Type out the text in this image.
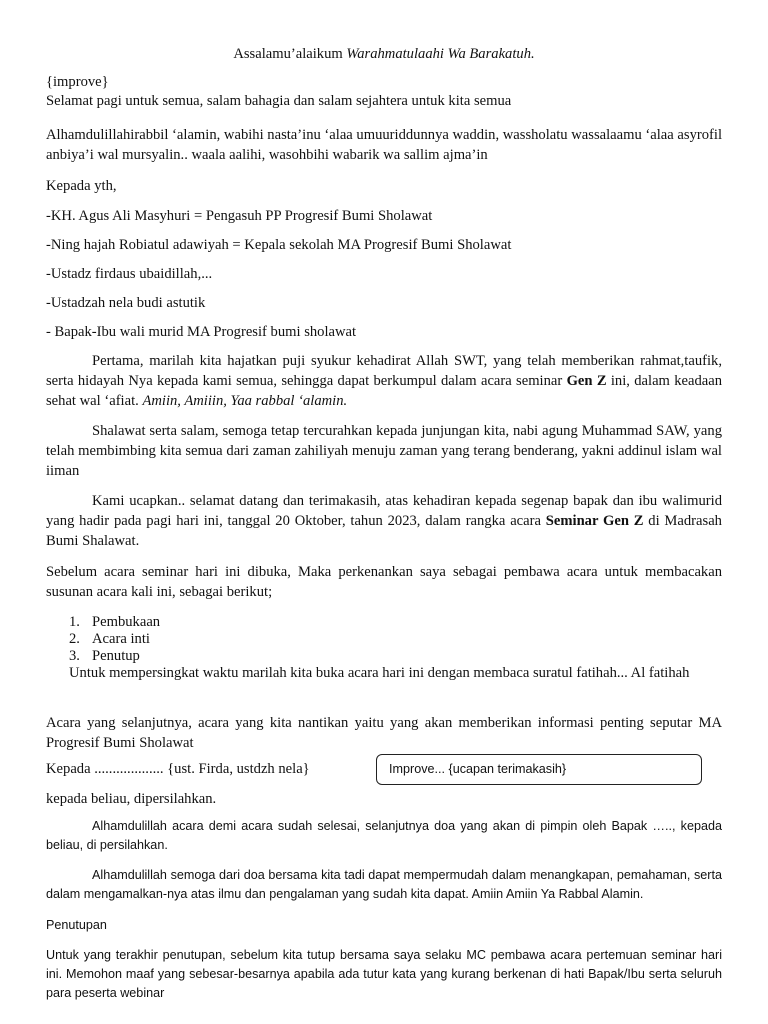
Assalamu’alaikum Warahmatulaahi Wa Barakatuh.

{improve}

Selamat pagi untuk semua, salam bahagia dan salam sejahtera untuk kita semua

Alhamdulillahirabbil ‘alamin, wabihi nasta’inu ‘alaa umuuriddunnya waddin, wassholatu wassalaamu ‘alaa asyrofil anbiya’i wal mursyalin.. waala aalihi, wasohbihi wabarik wa sallim ajma’in

Kepada yth,

-KH. Agus Ali Masyhuri = Pengasuh PP Progresif Bumi Sholawat

-Ning hajah Robiatul adawiyah = Kepala sekolah MA Progresif Bumi Sholawat

-Ustadz firdaus ubaidillah,...

-Ustadzah nela budi astutik

- Bapak-Ibu wali murid MA Progresif bumi sholawat

Pertama, marilah kita hajatkan puji syukur kehadirat Allah SWT, yang telah memberikan rahmat,taufik, serta hidayah Nya kepada kami semua, sehingga dapat berkumpul dalam acara seminar Gen Z ini, dalam keadaan sehat wal ‘afiat. Amiin, Amiiin, Yaa rabbal ‘alamin.

Shalawat serta salam, semoga tetap tercurahkan kepada junjungan kita, nabi agung Muhammad SAW, yang telah membimbing kita semua dari zaman zahiliyah menuju zaman yang terang benderang, yakni addinul islam wal iiman

Kami ucapkan.. selamat datang dan terimakasih, atas kehadiran kepada segenap bapak dan ibu walimurid yang hadir pada pagi hari ini, tanggal 20 Oktober, tahun 2023, dalam rangka acara Seminar Gen Z di Madrasah Bumi Shalawat.

Sebelum acara seminar hari ini dibuka, Maka perkenankan saya sebagai pembawa acara untuk membacakan susunan acara kali ini, sebagai berikut;

1. Pembukaan
2. Acara inti
3. Penutup

Untuk mempersingkat waktu marilah kita buka acara hari ini dengan membaca suratul fatihah... Al fatihah

Acara yang selanjutnya, acara yang kita nantikan yaitu yang akan memberikan informasi penting seputar MA Progresif Bumi Sholawat

Kepada ................... {ust. Firda, ustdzh nela}	Improve... {ucapan terimakasih}

kepada beliau, dipersilahkan.

Alhamdulillah acara demi acara sudah selesai, selanjutnya doa yang akan di pimpin oleh Bapak ….., kepada beliau, di persilahkan.

Alhamdulillah semoga dari doa bersama kita tadi dapat mempermudah dalam menangkapan, pemahaman, serta dalam mengamalkan-nya atas ilmu dan pengalaman yang sudah kita dapat. Amiin Amiin Ya Rabbal Alamin.

Penutupan

Untuk yang terakhir penutupan, sebelum kita tutup bersama saya selaku MC pembawa acara pertemuan seminar hari ini. Memohon maaf yang sebesar-besarnya apabila ada tutur kata yang kurang berkenan di hati Bapak/Ibu serta seluruh para peserta webinar
